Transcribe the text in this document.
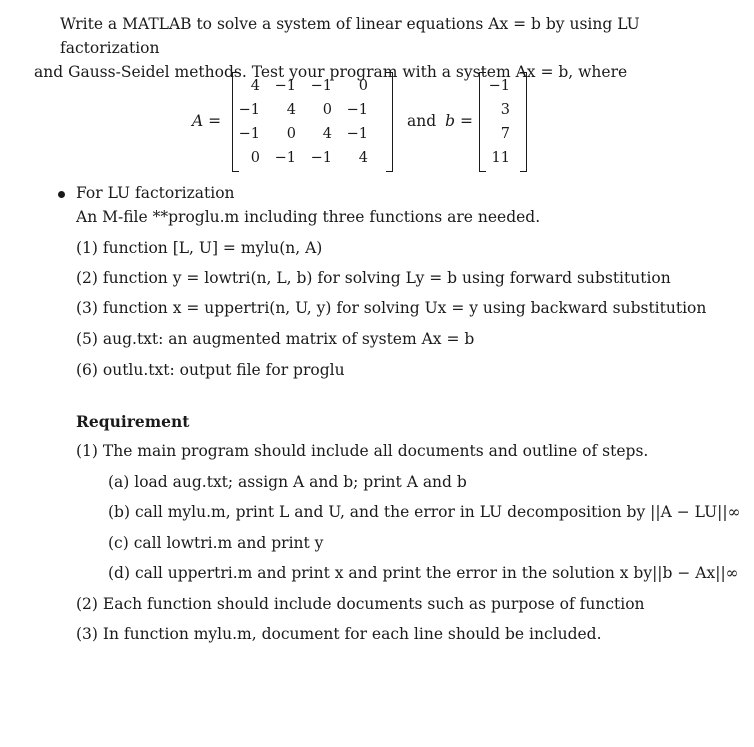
Write a MATLAB to solve a system of linear equations Ax = b by using LU factorization
and Gauss-Seidel methods. Test your program with a system Ax = b, where
A =
4	−1	−1	0
−1	4	0	−1
−1	0	4	−1
0	−1	−1	4
and b =
−1
3
7
11
For LU factorization
An M-file **proglu.m including three functions are needed.
(1) function [L, U] = mylu(n, A)
(2) function y = lowtri(n, L, b) for solving Ly = b using forward substitution
(3) function x = uppertri(n, U, y) for solving Ux = y using backward substitution
(5) aug.txt: an augmented matrix of system Ax = b
(6) outlu.txt: output file for proglu
Requirement
(1) The main program should include all documents and outline of steps.
(a) load aug.txt; assign A and b; print A and b
(b) call mylu.m, print L and U, and the error in LU decomposition by ||A − LU||∞
(c) call lowtri.m and print y
(d) call uppertri.m and print x and print the error in the solution x by||b − Ax||∞
(2) Each function should include documents such as purpose of function
(3) In function mylu.m, document for each line should be included.
